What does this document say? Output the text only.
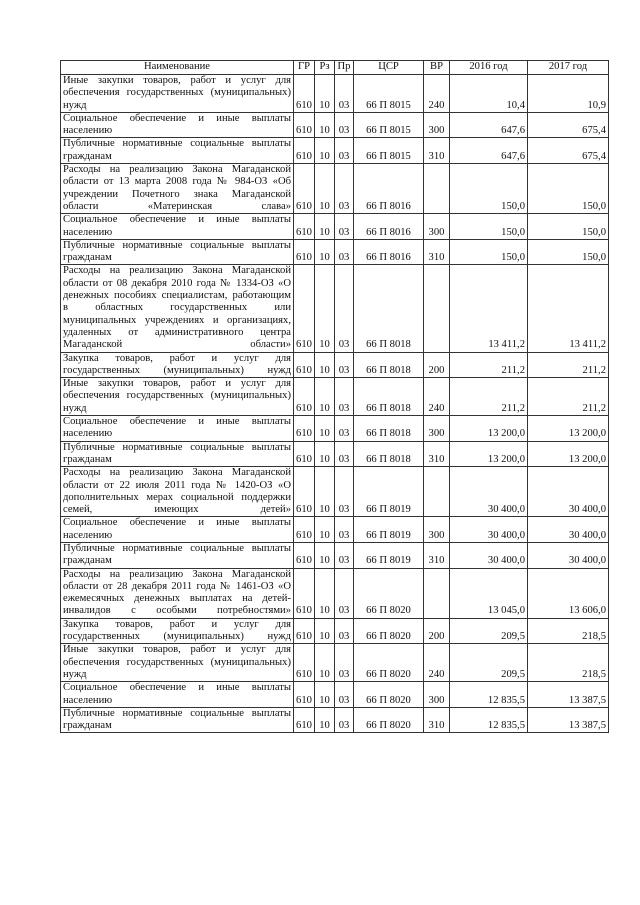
Наименование	ГР	Рз	Пр	ЦСР	ВР	2016 год	2017 год
Иные закупки товаров, работ и услуг для обеспечения государственных (муниципальных) нужд	610	10	03	66 П 8015	240	10,4	10,9
Социальное обеспечение и иные выплаты населению	610	10	03	66 П 8015	300	647,6	675,4
Публичные нормативные социальные выплаты гражданам	610	10	03	66 П 8015	310	647,6	675,4
Расходы на реализацию Закона Магаданской области от 13 марта 2008 года № 984-ОЗ «Об учреждении Почетного знака Магаданской области «Материнская слава»	610	10	03	66 П 8016		150,0	150,0
Социальное обеспечение и иные выплаты населению	610	10	03	66 П 8016	300	150,0	150,0
Публичные нормативные социальные выплаты гражданам	610	10	03	66 П 8016	310	150,0	150,0
Расходы на реализацию Закона Магаданской области от 08 декабря 2010 года № 1334-ОЗ «О денежных пособиях специалистам, работающим в областных государственных или муниципальных учреждениях и организациях, удаленных от административного центра Магаданской области»	610	10	03	66 П 8018		13 411,2	13 411,2
Закупка товаров, работ и услуг для государственных (муниципальных) нужд	610	10	03	66 П 8018	200	211,2	211,2
Иные закупки товаров, работ и услуг для обеспечения государственных (муниципальных) нужд	610	10	03	66 П 8018	240	211,2	211,2
Социальное обеспечение и иные выплаты населению	610	10	03	66 П 8018	300	13 200,0	13 200,0
Публичные нормативные социальные выплаты гражданам	610	10	03	66 П 8018	310	13 200,0	13 200,0
Расходы на реализацию Закона Магаданской области от 22 июля 2011 года № 1420-ОЗ «О дополнительных мерах социальной поддержки семей, имеющих детей»	610	10	03	66 П 8019		30 400,0	30 400,0
Социальное обеспечение и иные выплаты населению	610	10	03	66 П 8019	300	30 400,0	30 400,0
Публичные нормативные социальные выплаты гражданам	610	10	03	66 П 8019	310	30 400,0	30 400,0
Расходы на реализацию Закона Магаданской области от 28 декабря 2011 года № 1461-ОЗ «О ежемесячных денежных выплатах на детей-инвалидов с особыми потребностями»	610	10	03	66 П 8020		13 045,0	13 606,0
Закупка товаров, работ и услуг для государственных (муниципальных) нужд	610	10	03	66 П 8020	200	209,5	218,5
Иные закупки товаров, работ и услуг для обеспечения государственных (муниципальных) нужд	610	10	03	66 П 8020	240	209,5	218,5
Социальное обеспечение и иные выплаты населению	610	10	03	66 П 8020	300	12 835,5	13 387,5
Публичные нормативные социальные выплаты гражданам	610	10	03	66 П 8020	310	12 835,5	13 387,5
